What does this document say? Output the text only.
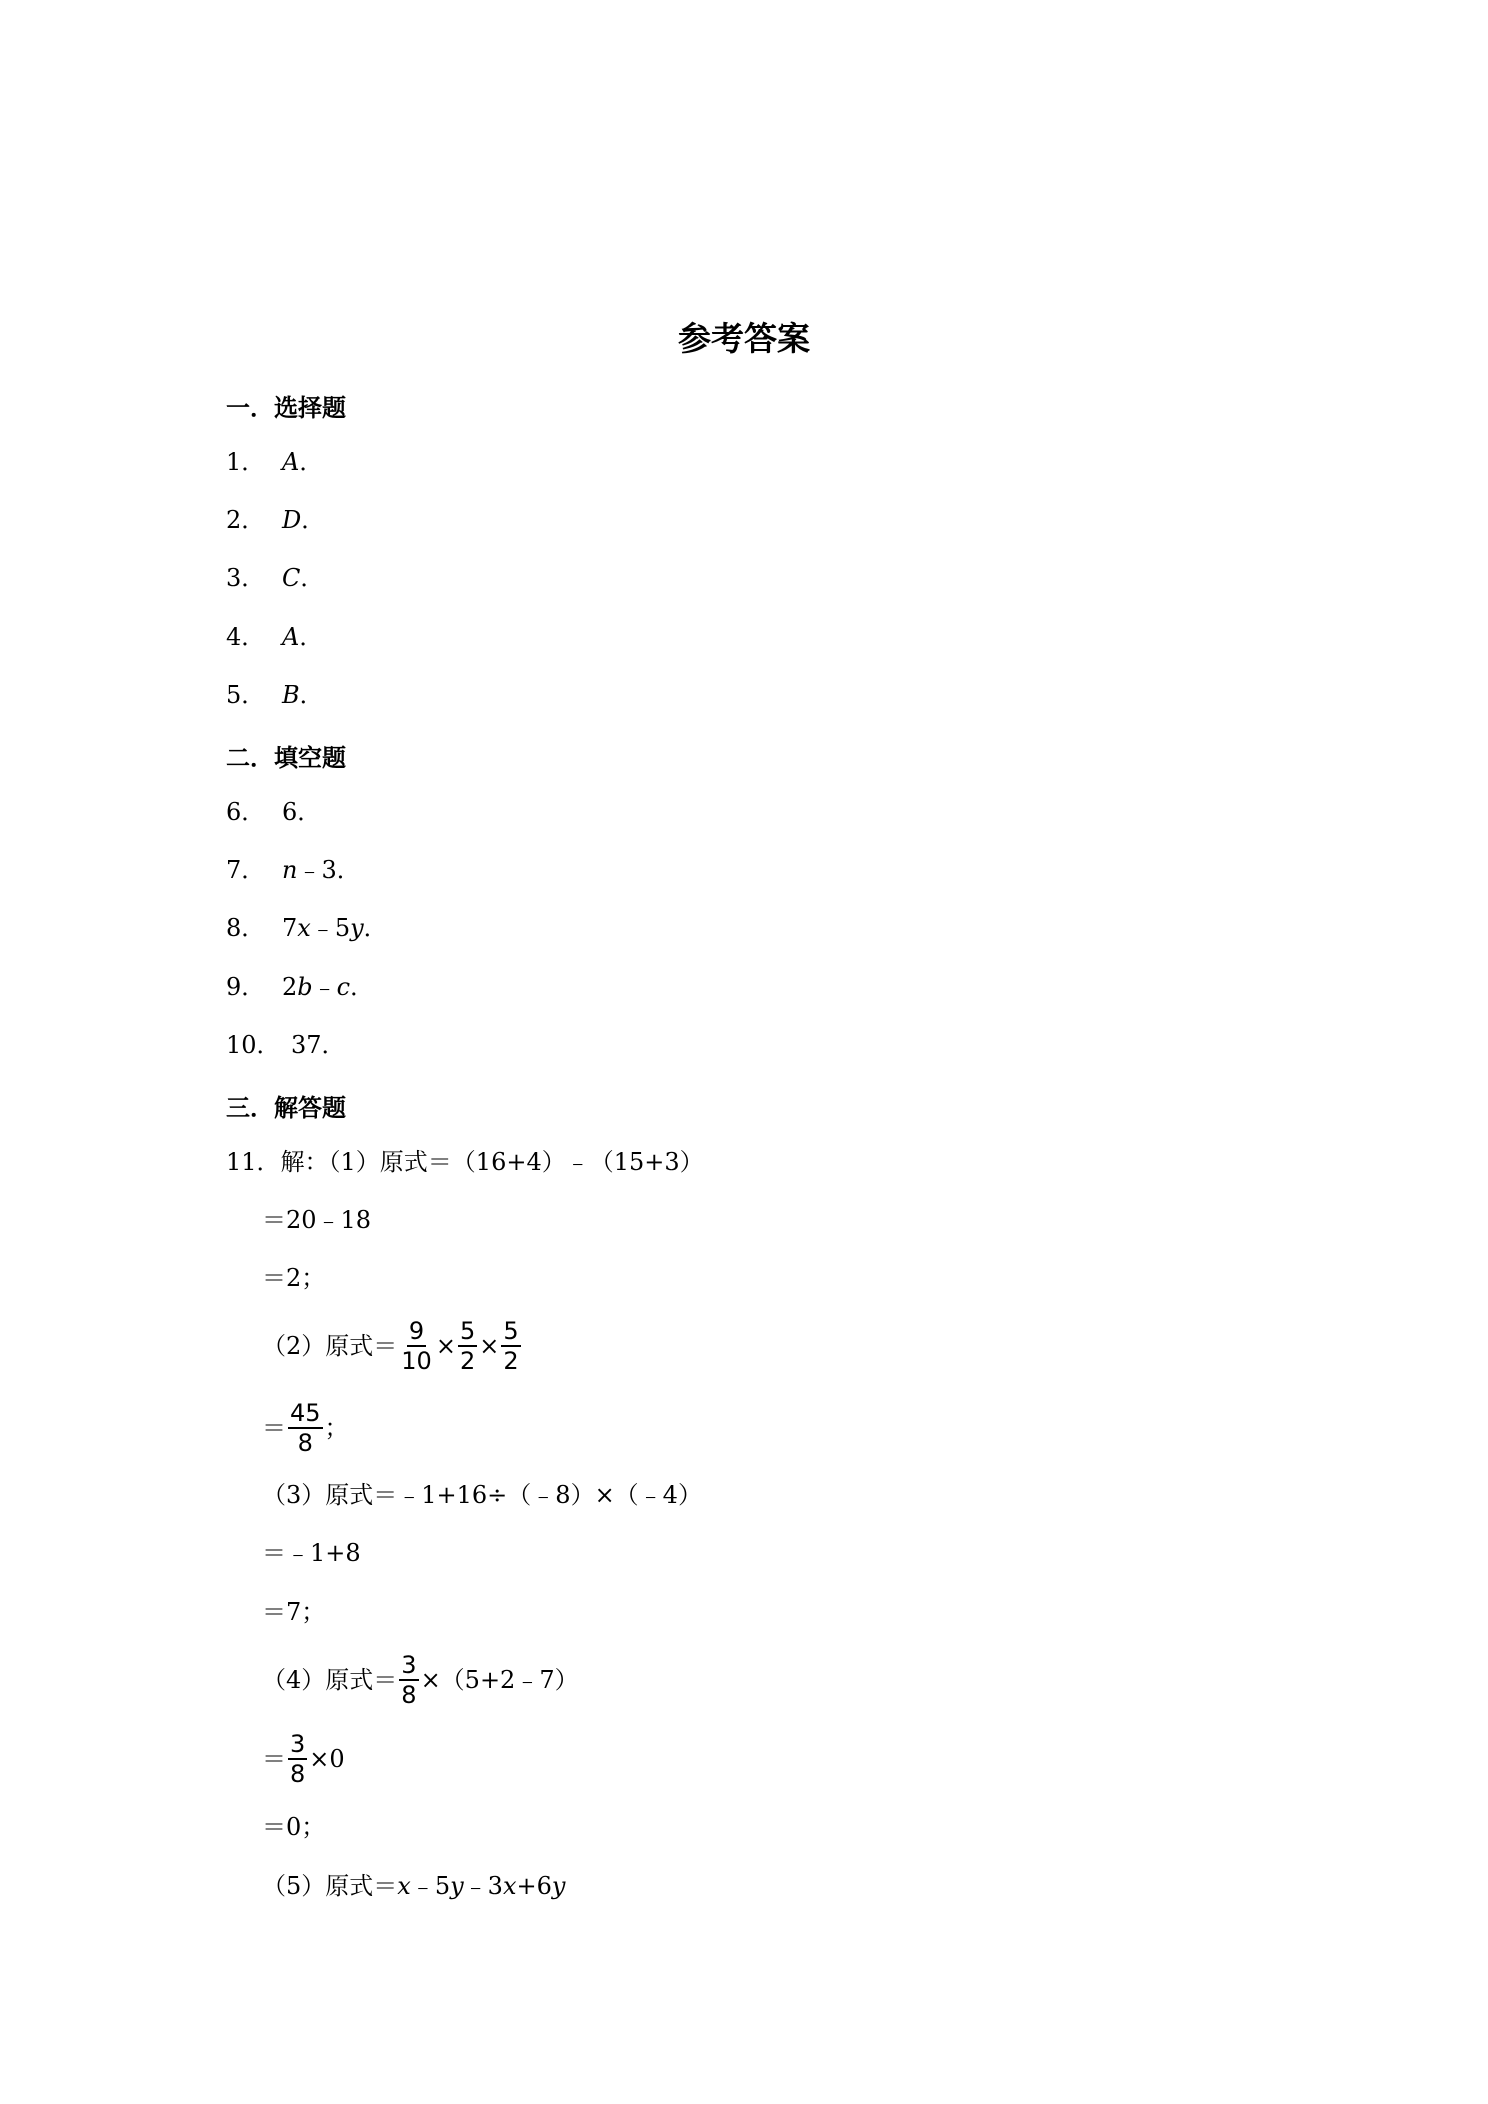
参考答案
一．选择题
1． A ．
2． D ．
3． C ．
4． A ．
5． B ．
二．填空题
6． 6．
7． n ﹣3．
8． 7 x ﹣5 y ．
9． 2 b ﹣ c ．
10． 37．
三．解答题
11．解：（1）原式＝（16+4）﹣（15+3）
＝20﹣18
＝2；
（2）原式＝ $\frac{9}{10} \times \frac{5}{2} \times \frac{5}{2}$
＝ $\frac{45}{8}$ ；
（3）原式＝﹣1+16÷（﹣8）×（﹣4）
＝﹣1+8
＝7；
（4）原式＝ $\frac{3}{8}$ ×（5+2﹣7）
＝ $\frac{3}{8} \times 0$
＝0；
（5）原式＝ x ﹣5 y ﹣3 x +6 y
